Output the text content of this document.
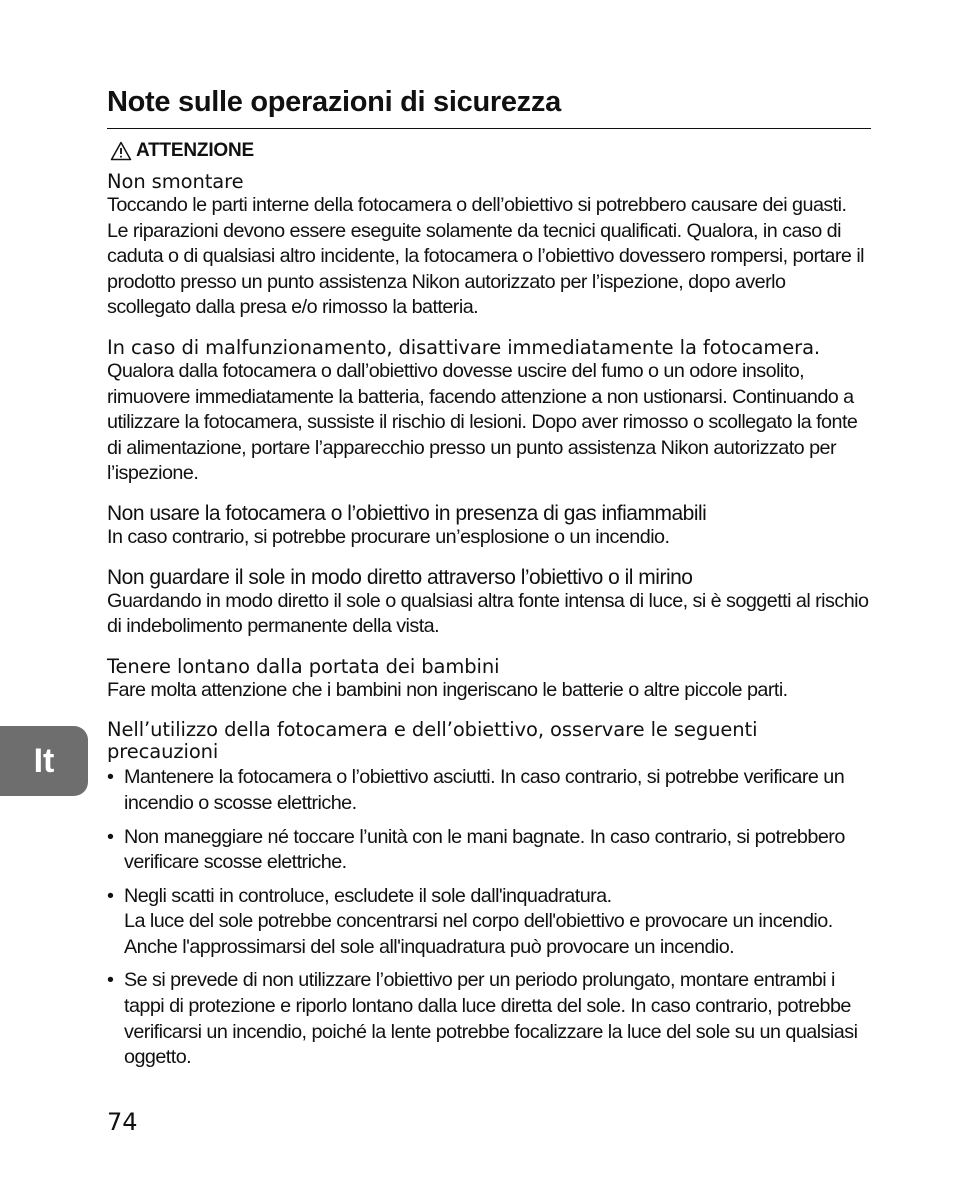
Note sulle operazioni di sicurezza
ATTENZIONE

Non smontare

Toccando le parti interne della fotocamera o dell’obiettivo si potrebbero causare dei guasti. Le riparazioni devono essere eseguite solamente da tecnici qualificati. Qualora, in caso di caduta o di qualsiasi altro incidente, la fotocamera o l’obiettivo dovessero rompersi, portare il prodotto presso un punto assistenza Nikon autorizzato per l’ispezione, dopo averlo scollegato dalla presa e/o rimosso la batteria.

In caso di malfunzionamento, disattivare immediatamente la fotocamera.

Qualora dalla fotocamera o dall’obiettivo dovesse uscire del fumo o un odore insolito, rimuovere immediatamente la batteria, facendo attenzione a non ustionarsi. Continuando a utilizzare la fotocamera, sussiste il rischio di lesioni. Dopo aver rimosso o scollegato la fonte di alimentazione, portare l’apparecchio presso un punto assistenza Nikon autorizzato per l’ispezione.

Non usare la fotocamera o l’obiettivo in presenza di gas infiammabili

In caso contrario, si potrebbe procurare un’esplosione o un incendio.

Non guardare il sole in modo diretto attraverso l’obiettivo o il mirino

Guardando in modo diretto il sole o qualsiasi altra fonte intensa di luce, si è soggetti al rischio di indebolimento permanente della vista.

Tenere lontano dalla portata dei bambini

Fare molta attenzione che i bambini non ingeriscano le batterie o altre piccole parti.

Nell’utilizzo della fotocamera e dell’obiettivo, osservare le seguenti precauzioni

• Mantenere la fotocamera o l’obiettivo asciutti. In caso contrario, si potrebbe verificare un incendio o scosse elettriche.
• Non maneggiare né toccare l’unità con le mani bagnate. In caso contrario, si potrebbero verificare scosse elettriche.
• Negli scatti in controluce, escludete il sole dall'inquadratura.
La luce del sole potrebbe concentrarsi nel corpo dell'obiettivo e provocare un incendio. Anche l'approssimarsi del sole all'inquadratura può provocare un incendio.
• Se si prevede di non utilizzare l’obiettivo per un periodo prolungato, montare entrambi i tappi di protezione e riporlo lontano dalla luce diretta del sole. In caso contrario, potrebbe verificarsi un incendio, poiché la lente potrebbe focalizzare la luce del sole su un qualsiasi oggetto.
It
74
